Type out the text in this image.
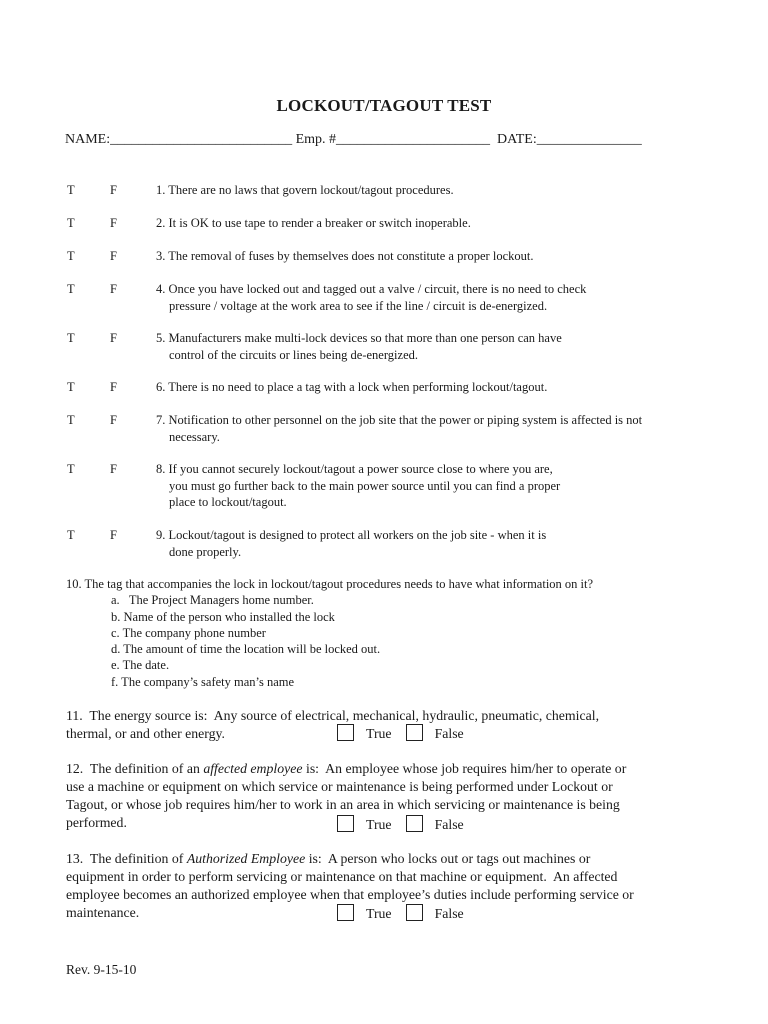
LOCKOUT/TAGOUT TEST
NAME:__________________________ Emp. #______________________  DATE:_______________
T	F	1. There are no laws that govern lockout/tagout procedures.
T	F	2. It is OK to use tape to render a breaker or switch inoperable.
T	F	3. The removal of fuses by themselves does not constitute a proper lockout.
T	F	4. Once you have locked out and tagged out a valve / circuit, there is no need to check
pressure / voltage at the work area to see if the line / circuit is de-energized.
T	F	5. Manufacturers make multi-lock devices so that more than one person can have
control of the circuits or lines being de-energized.
T	F	6. There is no need to place a tag with a lock when performing lockout/tagout.
T	F	7. Notification to other personnel on the job site that the power or piping system is affected is not
necessary.
T	F	8. If you cannot securely lockout/tagout a power source close to where you are,
you must go further back to the main power source until you can find a proper
place to lockout/tagout.
T	F	9. Lockout/tagout is designed to protect all workers on the job site - when it is
done properly.
10. The tag that accompanies the lock in lockout/tagout procedures needs to have what information on it?
a.   The Project Managers home number.
b. Name of the person who installed the lock
c. The company phone number
d. The amount of time the location will be locked out.
e. The date.
f. The company’s safety man’s name
11.  The energy source is:  Any source of electrical, mechanical, hydraulic, pneumatic, chemical,
thermal, or and other energy.	True	False
12.  The definition of an affected employee is:  An employee whose job requires him/her to operate or
use a machine or equipment on which service or maintenance is being performed under Lockout or
Tagout, or whose job requires him/her to work in an area in which servicing or maintenance is being
performed.	True	False
13.  The definition of Authorized Employee is:  A person who locks out or tags out machines or
equipment in order to perform servicing or maintenance on that machine or equipment.  An affected
employee becomes an authorized employee when that employee’s duties include performing service or
maintenance.	True	False
Rev. 9-15-10
